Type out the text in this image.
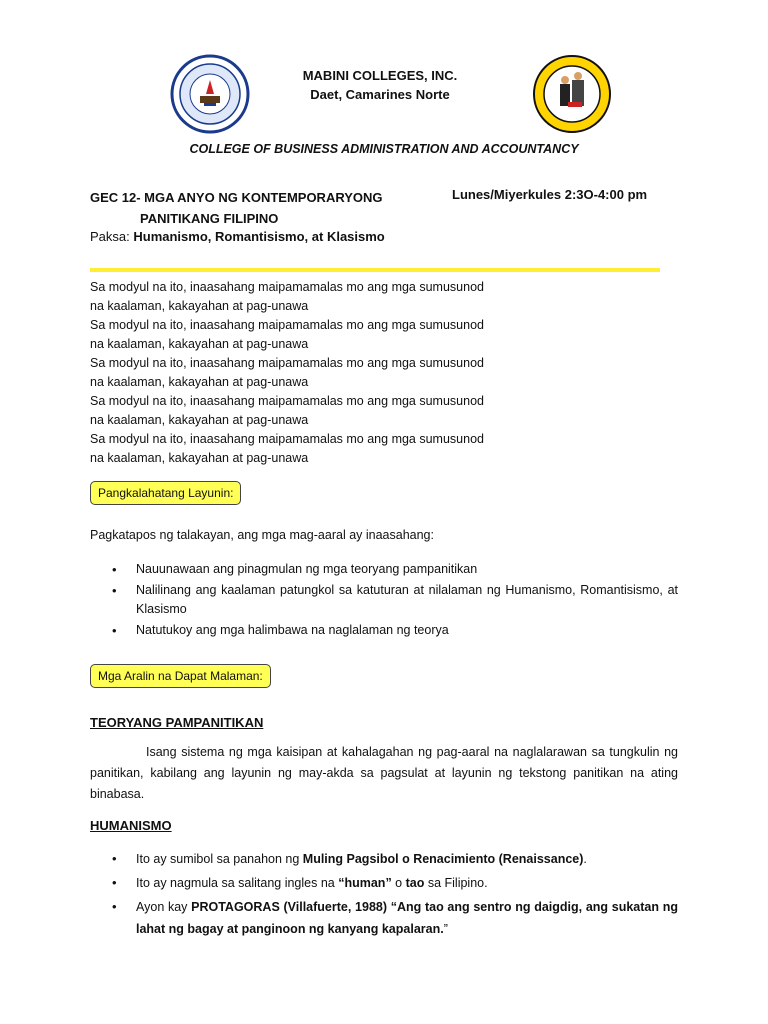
MABINI COLLEGES, INC.
Daet, Camarines Norte
COLLEGE OF BUSINESS ADMINISTRATION AND ACCOUNTANCY
GEC 12- MGA ANYO NG KONTEMPORARYONG
PANITIKANG FILIPINO
Lunes/Miyerkules 2:3O-4:00 pm
Paksa: Humanismo, Romantisismo, at Klasismo

Sa modyul na ito, inaasahang maipamamalas mo ang mga sumusunod

na kaalaman, kakayahan at pag-unawa

Sa modyul na ito, inaasahang maipamamalas mo ang mga sumusunod

na kaalaman, kakayahan at pag-unawa

Sa modyul na ito, inaasahang maipamamalas mo ang mga sumusunod

na kaalaman, kakayahan at pag-unawa

Sa modyul na ito, inaasahang maipamamalas mo ang mga sumusunod

na kaalaman, kakayahan at pag-unawa

Sa modyul na ito, inaasahang maipamamalas mo ang mga sumusunod

na kaalaman, kakayahan at pag-unawa

Pangkalahatang Layunin:
Pagkatapos ng talakayan, ang mga mag-aaral ay inaasahang:
• Nauunawaan ang pinagmulan ng mga teoryang pampanitikan
• Nalilinang ang kaalaman patungkol sa katuturan at nilalaman ng Humanismo, Romantisismo, at Klasismo
• Natutukoy ang mga halimbawa na naglalaman ng teorya
Mga Aralin na Dapat Malaman:
TEORYANG PAMPANITIKAN

Isang sistema ng mga kaisipan at kahalagahan ng pag-aaral na naglalarawan sa tungkulin ng panitikan, kabilang ang layunin ng may-akda sa pagsulat at layunin ng tekstong panitikan na ating binabasa.

HUMANISMO
• Ito ay sumibol sa panahon ng Muling Pagsibol o Renacimiento (Renaissance).
• Ito ay nagmula sa salitang ingles na “human” o tao sa Filipino.
• Ayon kay PROTAGORAS (Villafuerte, 1988) “Ang tao ang sentro ng daigdig, ang sukatan ng lahat ng bagay at panginoon ng kanyang kapalaran.”
